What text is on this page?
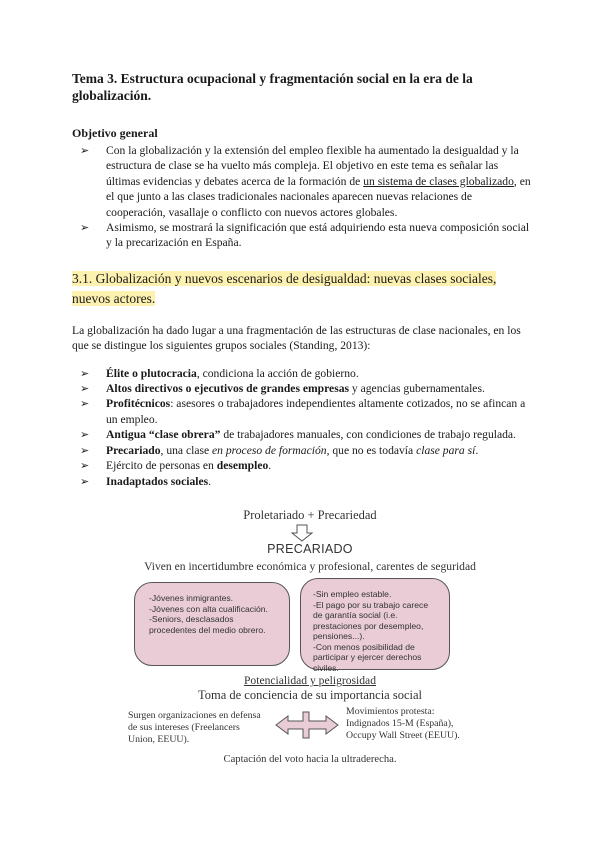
Tema 3. Estructura ocupacional y fragmentación social en la era de la globalización.
Objetivo general
➢ Con la globalización y la extensión del empleo flexible ha aumentado la desigualdad y la estructura de clase se ha vuelto más compleja. El objetivo en este tema es señalar las últimas evidencias y debates acerca de la formación de un sistema de clases globalizado, en el que junto a las clases tradicionales nacionales aparecen nuevas relaciones de cooperación, vasallaje o conflicto con nuevos actores globales.
➢ Asimismo, se mostrará la significación que está adquiriendo esta nueva composición social y la precarización en España.
3.1. Globalización y nuevos escenarios de desigualdad: nuevas clases sociales, nuevos actores.

La globalización ha dado lugar a una fragmentación de las estructuras de clase nacionales, en los que se distingue los siguientes grupos sociales (Standing, 2013):

➢ Élite o plutocracia, condiciona la acción de gobierno.
➢ Altos directivos o ejecutivos de grandes empresas y agencias gubernamentales.
➢ Profitécnicos: asesores o trabajadores independientes altamente cotizados, no se afincan a un empleo.
➢ Antigua “clase obrera” de trabajadores manuales, con condiciones de trabajo regulada.
➢ Precariado, una clase en proceso de formación, que no es todavía clase para sí.
➢ Ejército de personas en desempleo.
➢ Inadaptados sociales.
Proletariado + Precariedad
PRECARIADO
Viven en incertidumbre económica y profesional, carentes de seguridad
-Jóvenes inmigrantes.
-Jóvenes con alta cualificación.
-Seniors, desclasados procedentes del medio obrero.
-Sin empleo estable.
-El pago por su trabajo carece de garantía social (i.e. prestaciones por desempleo, pensiones...).
-Con menos posibilidad de participar y ejercer derechos civiles.
Potencialidad y peligrosidad
Toma de conciencia de su importancia social
Surgen organizaciones en defensa de sus intereses (Freelancers Union, EEUU).
Movimientos protesta:
Indignados 15-M (España),
Occupy Wall Street (EEUU).
Captación del voto hacia la ultraderecha.
